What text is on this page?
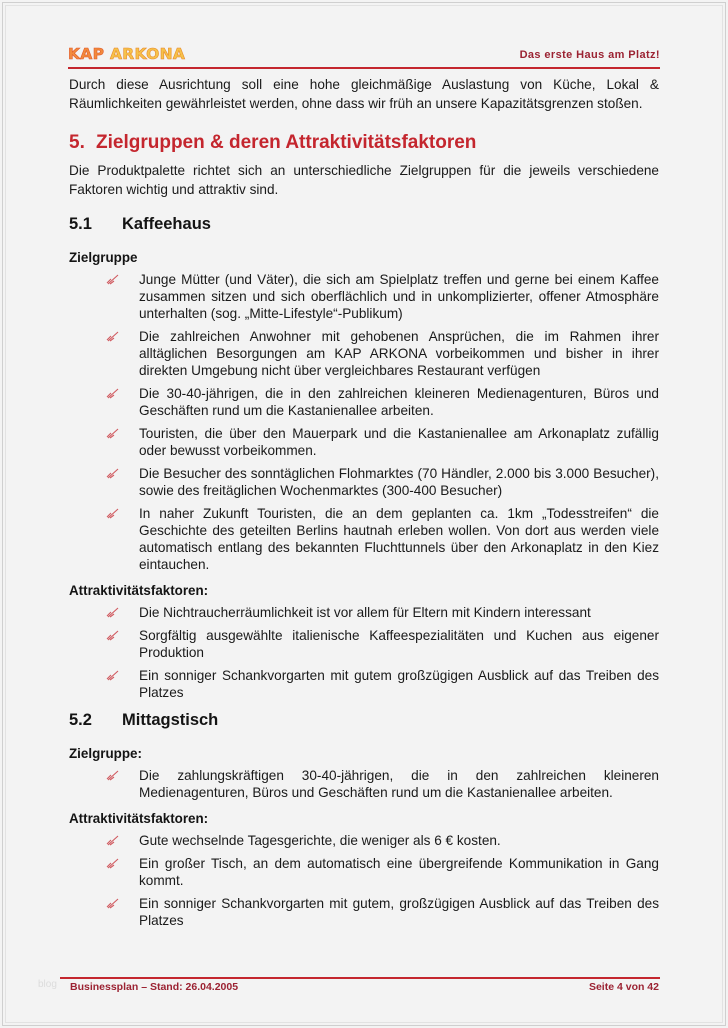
KAP ARKONA	Das erste Haus am Platz!

Durch diese Ausrichtung soll eine hohe gleichmäßige Auslastung von Küche, Lokal & Räumlichkeiten gewährleistet werden, ohne dass wir früh an unsere Kapazitätsgrenzen stoßen.

5. Zielgruppen & deren Attraktivitätsfaktoren

Die Produktpalette richtet sich an unterschiedliche Zielgruppen für die jeweils verschiedene Faktoren wichtig und attraktiv sind.

5.1 Kaffeehaus
Zielgruppe
Junge Mütter (und Väter), die sich am Spielplatz treffen und gerne bei einem Kaffee zusammen sitzen und sich oberflächlich und in unkomplizierter, offener Atmosphäre unterhalten (sog. „Mitte-Lifestyle“-Publikum)
Die zahlreichen Anwohner mit gehobenen Ansprüchen, die im Rahmen ihrer alltäglichen Besorgungen am KAP ARKONA vorbeikommen und bisher in ihrer direkten Umgebung nicht über vergleichbares Restaurant verfügen
Die 30-40-jährigen, die in den zahlreichen kleineren Medienagenturen, Büros und Geschäften rund um die Kastanienallee arbeiten.
Touristen, die über den Mauerpark und die Kastanienallee am Arkonaplatz zufällig oder bewusst vorbeikommen.
Die Besucher des sonntäglichen Flohmarktes (70 Händler, 2.000 bis 3.000 Besucher), sowie des freitäglichen Wochenmarktes (300-400 Besucher)
In naher Zukunft Touristen, die an dem geplanten ca. 1km „Todesstreifen“ die Geschichte des geteilten Berlins hautnah erleben wollen. Von dort aus werden viele automatisch entlang des bekannten Fluchttunnels über den Arkonaplatz in den Kiez eintauchen.
Attraktivitätsfaktoren:
Die Nichtraucherräumlichkeit ist vor allem für Eltern mit Kindern interessant
Sorgfältig ausgewählte italienische Kaffeespezialitäten und Kuchen aus eigener Produktion
Ein sonniger Schankvorgarten mit gutem großzügigen Ausblick auf das Treiben des Platzes
5.2 Mittagstisch
Zielgruppe:
Die zahlungskräftigen 30-40-jährigen, die in den zahlreichen kleineren Medienagenturen, Büros und Geschäften rund um die Kastanienallee arbeiten.
Attraktivitätsfaktoren:
Gute wechselnde Tagesgerichte, die weniger als 6 € kosten.
Ein großer Tisch, an dem automatisch eine übergreifende Kommunikation in Gang kommt.
Ein sonniger Schankvorgarten mit gutem, großzügigen Ausblick auf das Treiben des Platzes
blog Businessplan – Stand: 26.04.2005	Seite 4 von 42
